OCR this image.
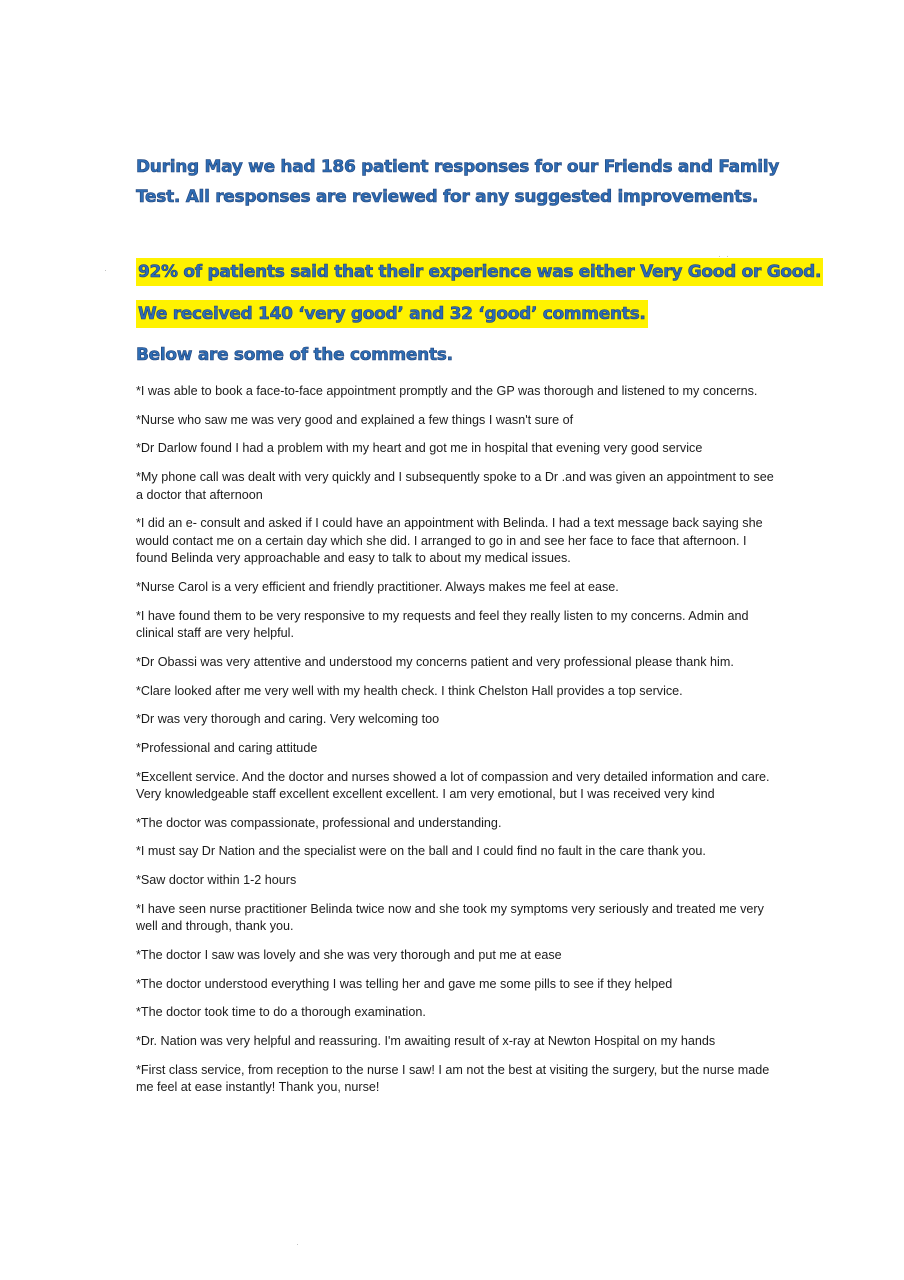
During May we had 186 patient responses for our Friends and Family Test. All responses are reviewed for any suggested improvements.
92% of patients said that their experience was either Very Good or Good.
We received 140 ‘very good’ and 32 ‘good’ comments.
Below are some of the comments.

*I was able to book a face-to-face appointment promptly and the GP was thorough and listened to my concerns.

*Nurse who saw me was very good and explained a few things I wasn't sure of

*Dr Darlow found I had a problem with my heart and got me in hospital that evening very good service

*My phone call was dealt with very quickly and I subsequently spoke to a Dr .and was given an appointment to see a doctor that afternoon

*I did an e- consult and asked if I could have an appointment with Belinda. I had a text message back saying she would contact me on a certain day which she did. I arranged to go in and see her face to face that afternoon. I found Belinda very approachable and easy to talk to about my medical issues.

*Nurse Carol is a very efficient and friendly practitioner. Always makes me feel at ease.

*I have found them to be very responsive to my requests and feel they really listen to my concerns. Admin and clinical staff are very helpful.

*Dr Obassi was very attentive and understood my concerns patient and very professional please thank him.

*Clare looked after me very well with my health check. I think Chelston Hall provides a top service.

*Dr was very thorough and caring. Very welcoming too

*Professional and caring attitude

*Excellent service. And the doctor and nurses showed a lot of compassion and very detailed information and care. Very knowledgeable staff excellent excellent excellent. I am very emotional, but I was received very kind

*The doctor was compassionate, professional and understanding.

*I must say Dr Nation and the specialist were on the ball and I could find no fault in the care thank you.

*Saw doctor within 1-2 hours

*I have seen nurse practitioner Belinda twice now and she took my symptoms very seriously and treated me very well and through, thank you.

*The doctor I saw was lovely and she was very thorough and put me at ease

*The doctor understood everything I was telling her and gave me some pills to see if they helped

*The doctor took time to do a thorough examination.

*Dr. Nation was very helpful and reassuring. I'm awaiting result of x-ray at Newton Hospital on my hands

*First class service, from reception to the nurse I saw! I am not the best at visiting the surgery, but the nurse made me feel at ease instantly! Thank you, nurse!

·
· ·
·
